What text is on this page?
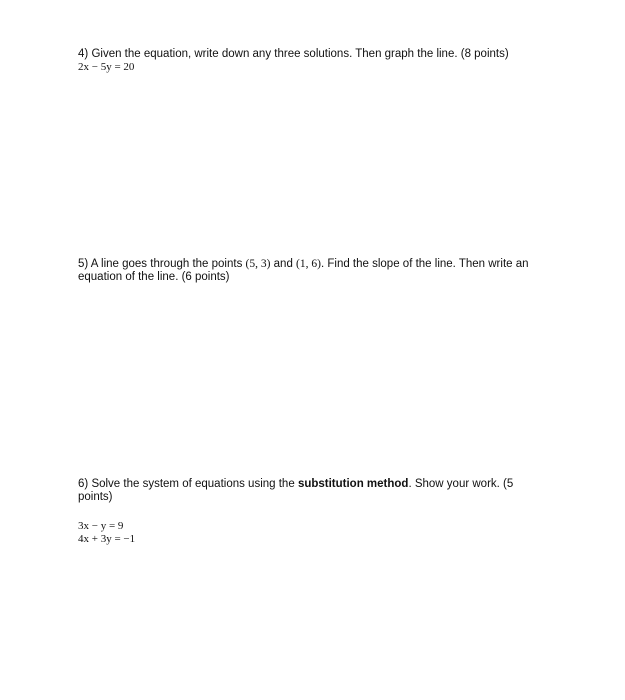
4) Given the equation, write down any three solutions. Then graph the line. (8 points)
2x − 5y = 20
5) A line goes through the points (5, 3) and (1, 6). Find the slope of the line. Then write an equation of the line. (6 points)
6) Solve the system of equations using the substitution method. Show your work. (5 points)
3x − y = 9
4x + 3y = −1
